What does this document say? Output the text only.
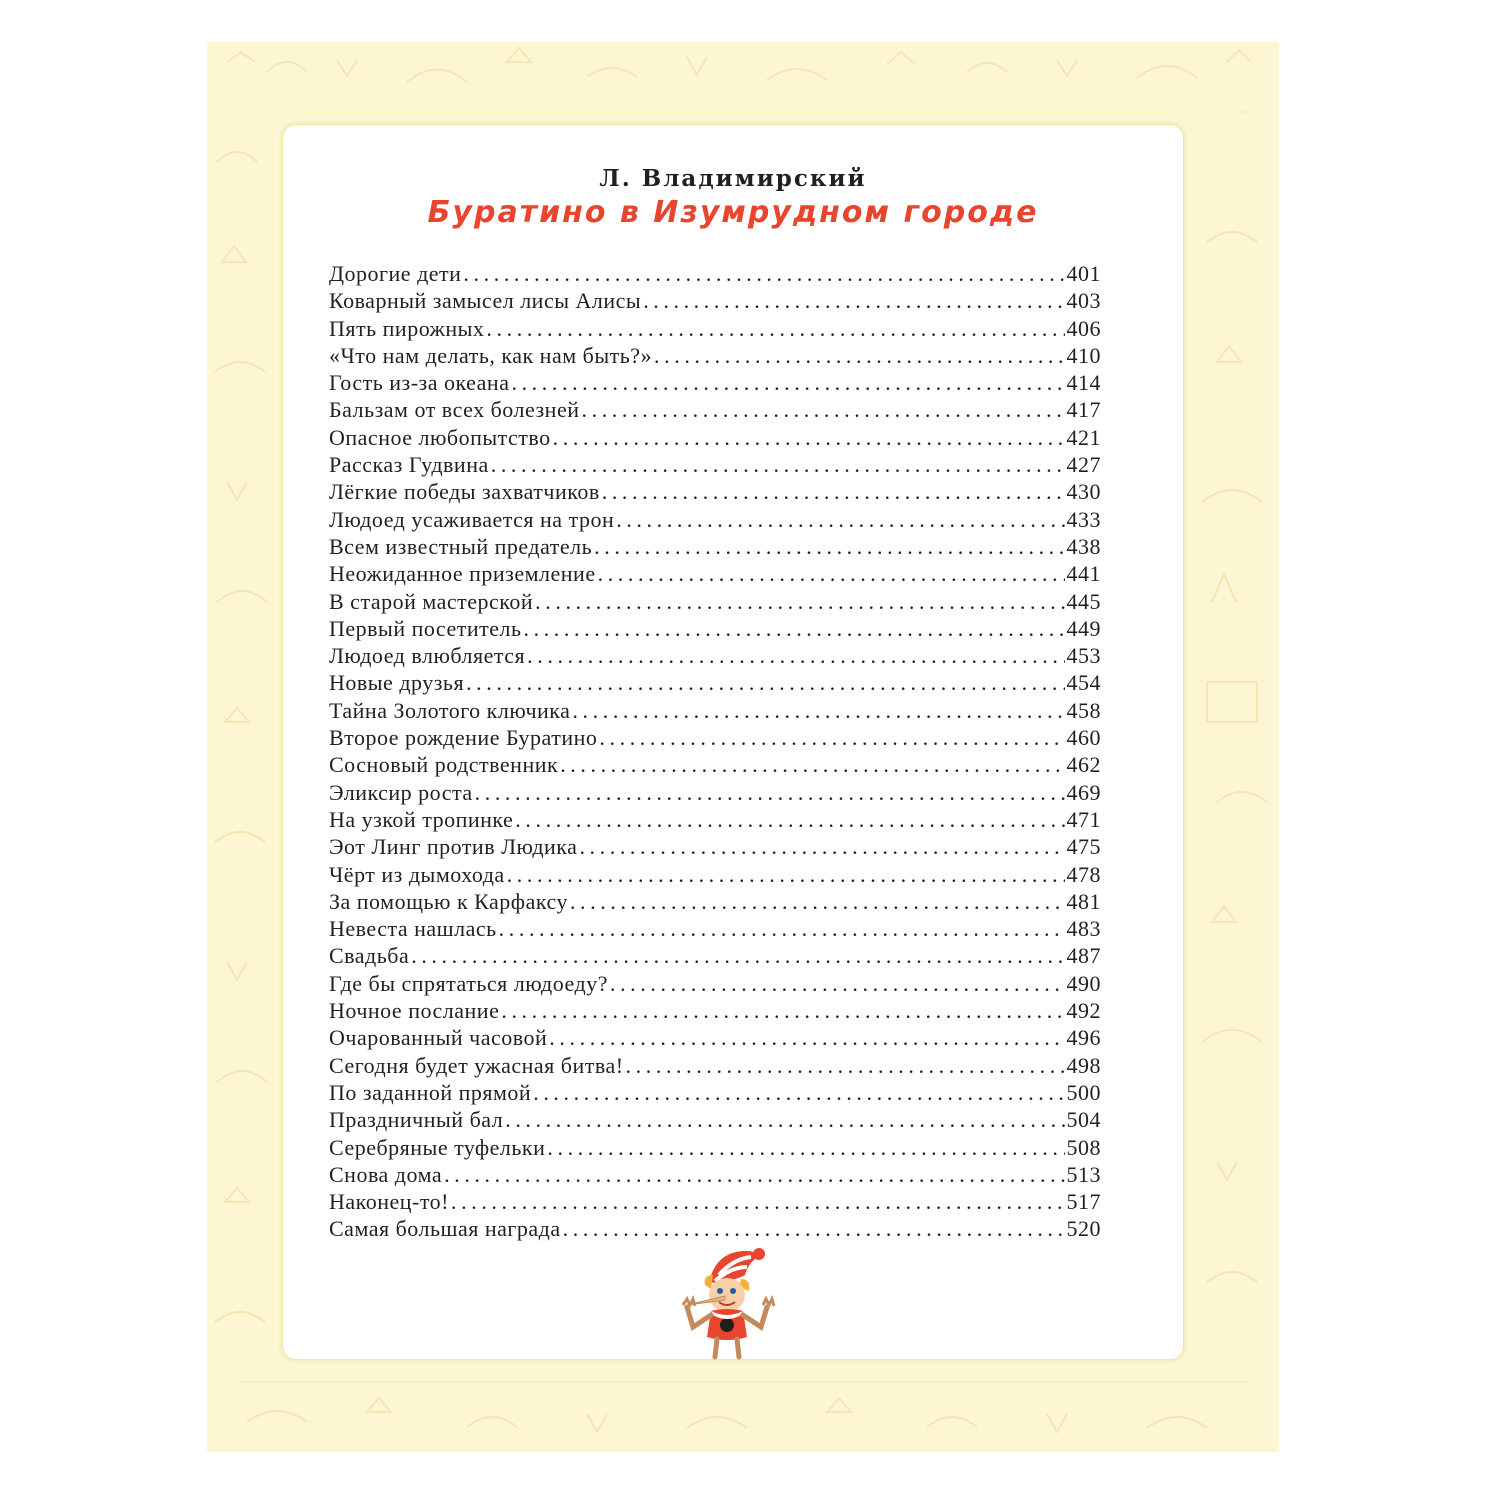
Л. Владимирский
Буратино в Изумрудном городе
Дорогие дети .....	401
Коварный замысел лисы Алисы .....	403
Пять пирожных .....	406
«Что нам делать, как нам быть?» .....	410
Гость из-за океана .....	414
Бальзам от всех болезней .....	417
Опасное любопытство .....	421
Рассказ Гудвина .....	427
Лёгкие победы захватчиков .....	430
Людоед усаживается на трон .....	433
Всем известный предатель .....	438
Неожиданное приземление .....	441
В старой мастерской .....	445
Первый посетитель .....	449
Людоед влюбляется .....	453
Новые друзья .....	454
Тайна Золотого ключика .....	458
Второе рождение Буратино .....	460
Сосновый родственник .....	462
Эликсир роста .....	469
На узкой тропинке .....	471
Эот Линг против Людика .....	475
Чёрт из дымохода .....	478
За помощью к Карфаксу .....	481
Невеста нашлась .....	483
Свадьба .....	487
Где бы спрятаться людоеду? .....	490
Ночное послание .....	492
Очарованный часовой .....	496
Сегодня будет ужасная битва! .....	498
По заданной прямой .....	500
Праздничный бал .....	504
Серебряные туфельки .....	508
Снова дома .....	513
Наконец-то! .....	517
Самая большая награда .....	520
